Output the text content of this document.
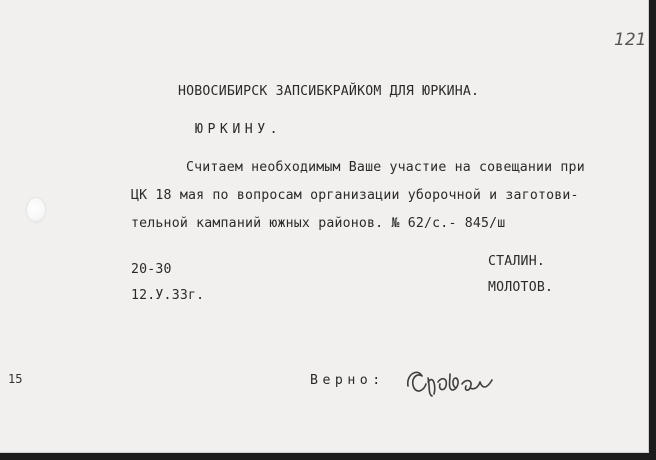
121
НОВОСИБИРСК ЗАПСИБКРАЙКОМ ДЛЯ ЮРКИНА.
ЮРКИНУ.
Считаем необходимым Ваше участие на совещании при
ЦК 18 мая по вопросам организации уборочной и заготови-
тельной кампаний южных районов. № 62/с.- 845/ш
20-30
12.У.33г.
СТАЛИН.
МОЛОТОВ.
Верно:
15
